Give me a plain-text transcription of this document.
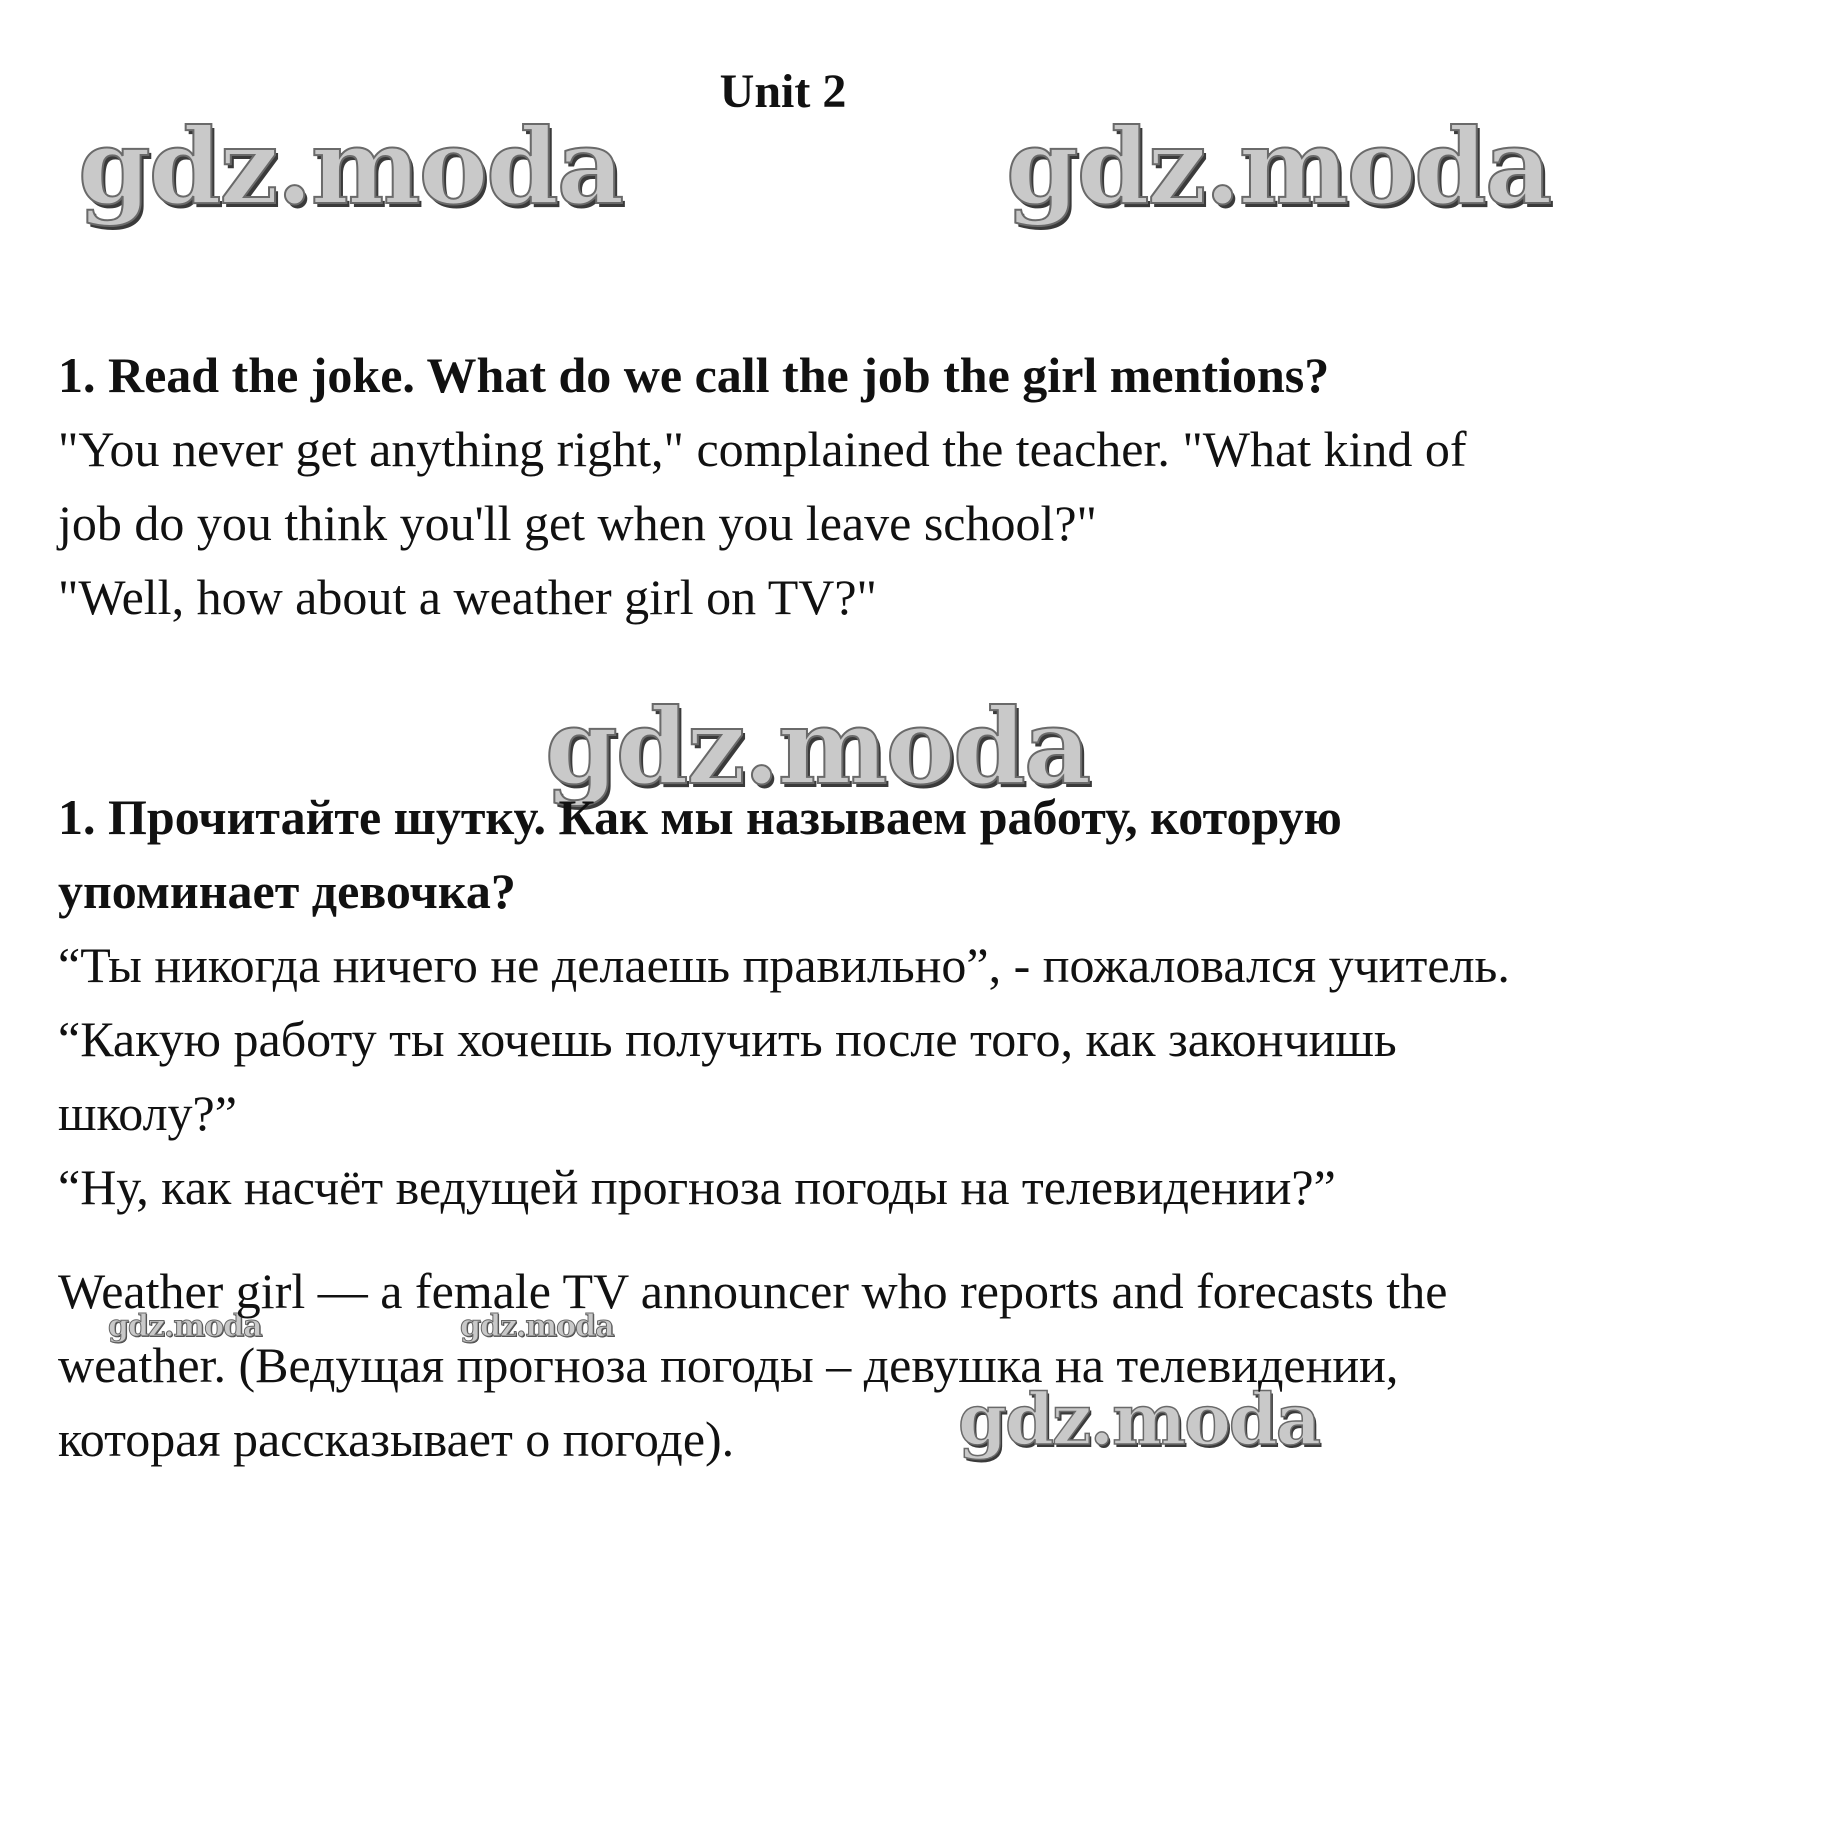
Unit 2
gdz.moda	gdz.moda
gdz.moda
gdz.moda	gdz.moda
gdz.moda
1. Read the joke. What do we call the job the girl mentions?
"You never get anything right," complained the teacher. "What kind of
job do you think you'll get when you leave school?"
"Well, how about a weather girl on TV?"
1. Прочитайте шутку. Как мы называем работу, которую
упоминает девочка?
“Ты никогда ничего не делаешь правильно”, - пожаловался учитель.
“Какую работу ты хочешь получить после того, как закончишь
школу?”
“Ну, как насчёт ведущей прогноза погоды на телевидении?”
Weather girl — a female TV announcer who reports and forecasts the
weather. (Ведущая прогноза погоды – девушка на телевидении,
которая рассказывает о погоде).
